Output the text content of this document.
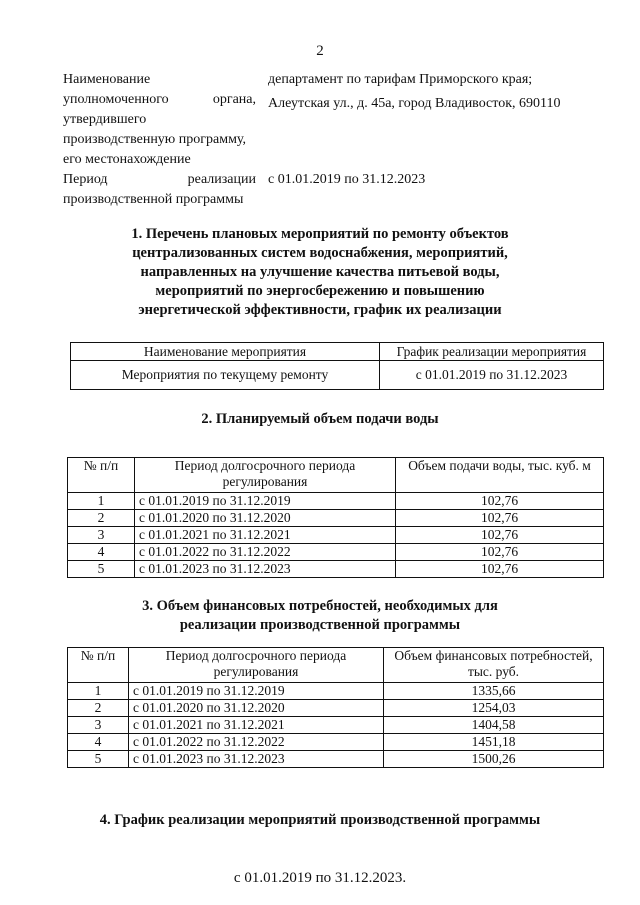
2
Наименование
уполномоченного органа,
утвердившего
производственную программу,
его местонахождение
департамент по тарифам Приморского края;
Алеутская ул., д. 45а, город Владивосток, 690110
Период реализации
производственной программы
с 01.01.2019 по 31.12.2023
1. Перечень плановых мероприятий по ремонту объектов
централизованных систем водоснабжения, мероприятий,
направленных на улучшение качества питьевой воды,
мероприятий по энергосбережению и повышению
энергетической эффективности, график их реализации
Наименование мероприятия	График реализации мероприятия
Мероприятия по текущему ремонту	с 01.01.2019 по 31.12.2023
2. Планируемый объем подачи воды
№ п/п	Период долгосрочного периода регулирования	Объем подачи воды, тыс. куб. м
1	с 01.01.2019 по 31.12.2019	102,76
2	с 01.01.2020 по 31.12.2020	102,76
3	с 01.01.2021 по 31.12.2021	102,76
4	с 01.01.2022 по 31.12.2022	102,76
5	с 01.01.2023 по 31.12.2023	102,76
3. Объем финансовых потребностей, необходимых для
реализации производственной программы
№ п/п	Период долгосрочного периода регулирования	Объем финансовых потребностей, тыс. руб.
1	с 01.01.2019 по 31.12.2019	1335,66
2	с 01.01.2020 по 31.12.2020	1254,03
3	с 01.01.2021 по 31.12.2021	1404,58
4	с 01.01.2022 по 31.12.2022	1451,18
5	с 01.01.2023 по 31.12.2023	1500,26
4. График реализации мероприятий производственной программы
с 01.01.2019 по 31.12.2023.
